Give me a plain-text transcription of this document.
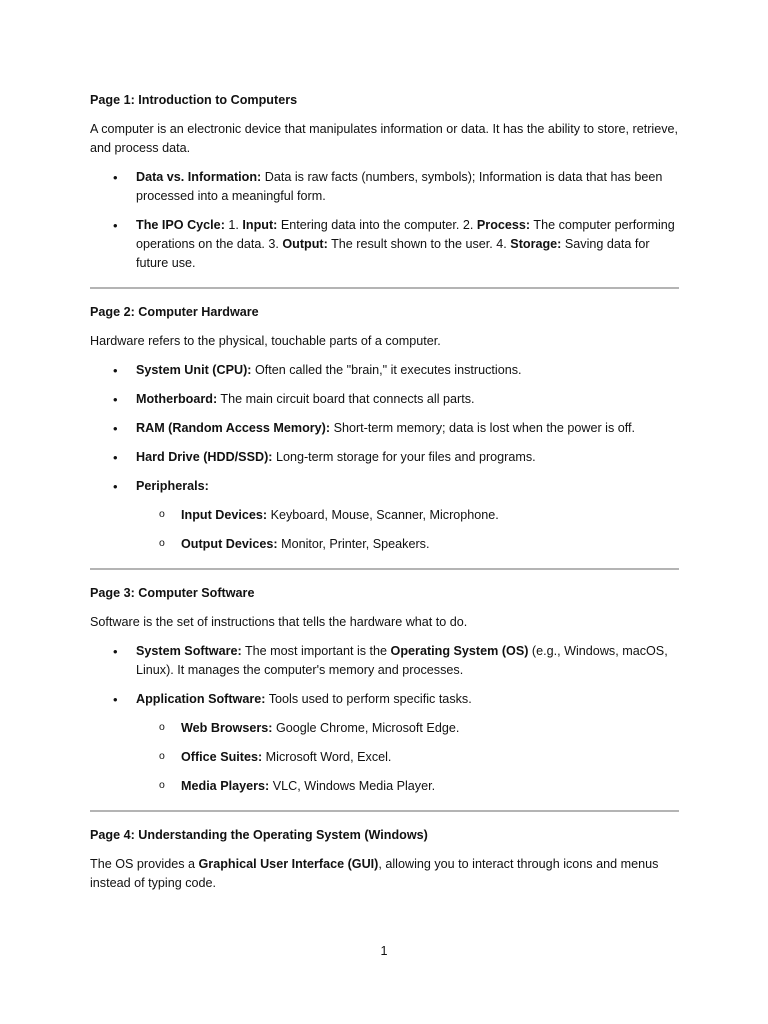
Page 1: Introduction to Computers

A computer is an electronic device that manipulates information or data. It has the ability to store, retrieve, and process data.

• Data vs. Information: Data is raw facts (numbers, symbols); Information is data that has been processed into a meaningful form.
• The IPO Cycle: 1. Input: Entering data into the computer. 2. Process: The computer performing operations on the data. 3. Output: The result shown to the user. 4. Storage: Saving data for future use.
Page 2: Computer Hardware

Hardware refers to the physical, touchable parts of a computer.

• System Unit (CPU): Often called the "brain," it executes instructions.
• Motherboard: The main circuit board that connects all parts.
• RAM (Random Access Memory): Short-term memory; data is lost when the power is off.
• Hard Drive (HDD/SSD): Long-term storage for your files and programs.
• Peripherals:
o Input Devices: Keyboard, Mouse, Scanner, Microphone.
o Output Devices: Monitor, Printer, Speakers.
Page 3: Computer Software

Software is the set of instructions that tells the hardware what to do.

• System Software: The most important is the Operating System (OS) (e.g., Windows, macOS, Linux). It manages the computer's memory and processes.
• Application Software: Tools used to perform specific tasks.
o Web Browsers: Google Chrome, Microsoft Edge.
o Office Suites: Microsoft Word, Excel.
o Media Players: VLC, Windows Media Player.
Page 4: Understanding the Operating System (Windows)

The OS provides a Graphical User Interface (GUI), allowing you to interact through icons and menus instead of typing code.

1
